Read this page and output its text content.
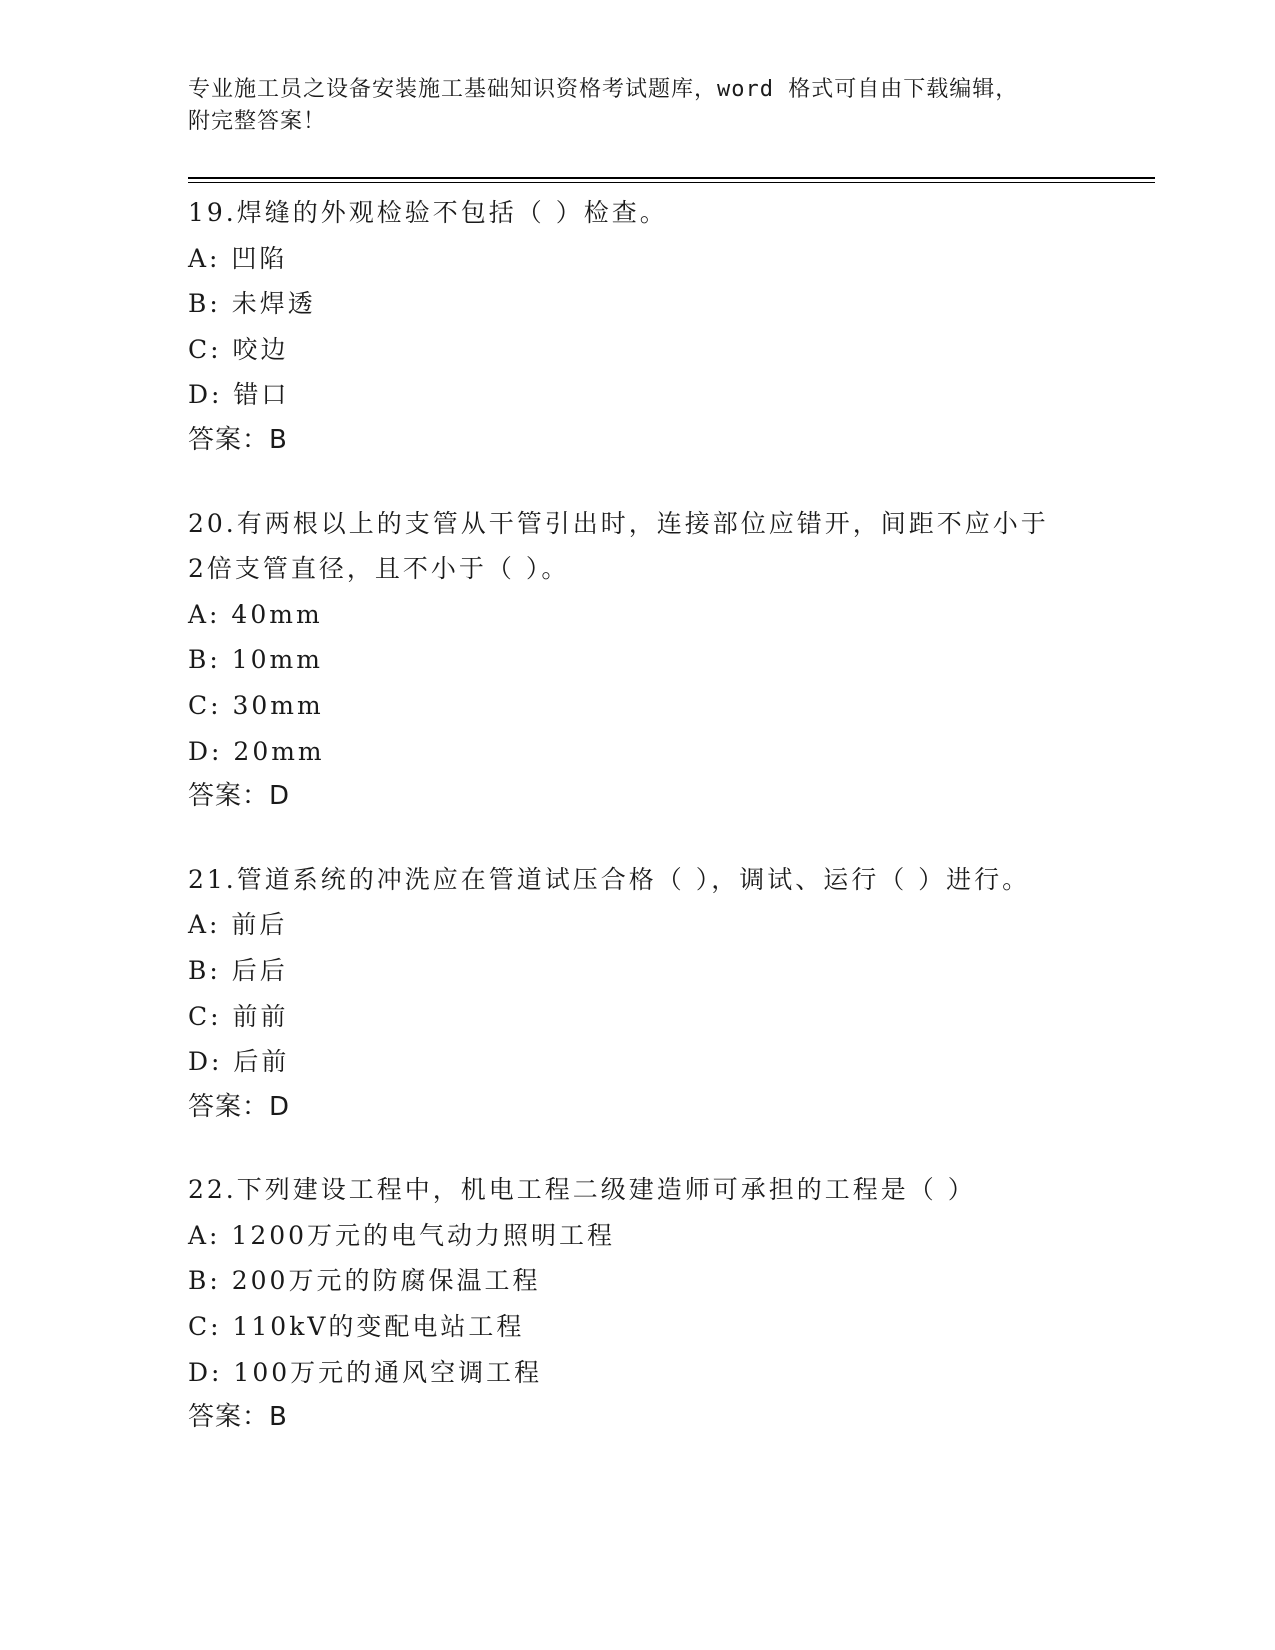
专业施工员之设备安装施工基础知识资格考试题库，word 格式可自由下载编辑，
附完整答案！
19.焊缝的外观检验不包括（ ）检查。
A: 凹陷
B: 未焊透
C: 咬边
D: 错口
答案：B
20.有两根以上的支管从干管引出时，连接部位应错开，间距不应小于
2倍支管直径，且不小于（ ）。
A: 40mm
B: 10mm
C: 30mm
D: 20mm
答案：D
21.管道系统的冲洗应在管道试压合格（ ），调试、运行（ ）进行。
A: 前后
B: 后后
C: 前前
D: 后前
答案：D
22.下列建设工程中，机电工程二级建造师可承担的工程是（ ）
A: 1200万元的电气动力照明工程
B: 200万元的防腐保温工程
C: 110kV的变配电站工程
D: 100万元的通风空调工程
答案：B
